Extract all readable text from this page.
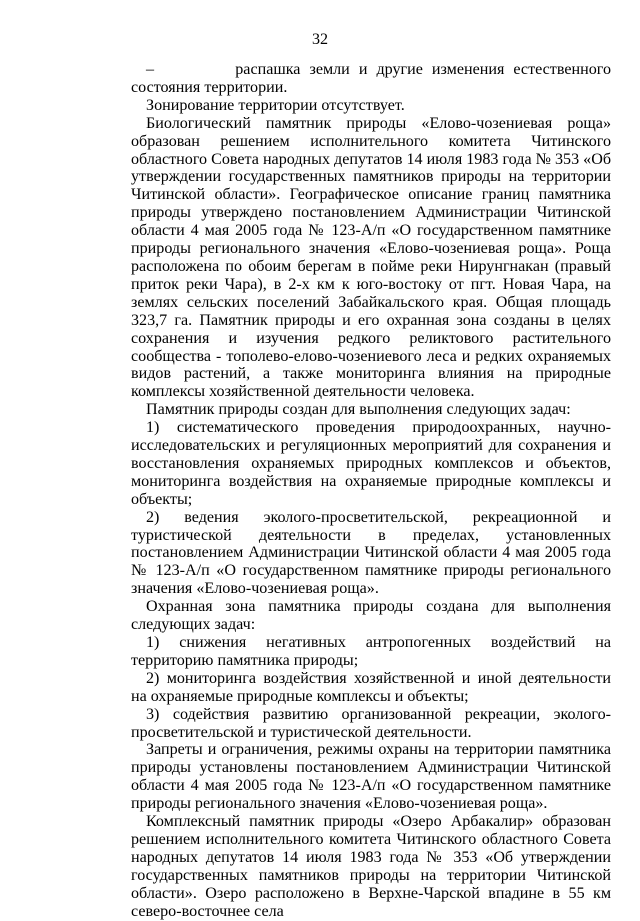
32

–         распашка земли и другие изменения естественного состояния территории.

Зонирование территории отсутствует.

Биологический памятник природы «Елово-чозениевая роща» образован решением исполнительного комитета Читинского областного Совета народных депутатов 14 июля 1983 года № 353 «Об утверждении государственных памятников природы на территории Читинской области». Географическое описание границ памятника природы утверждено постановлением Администрации Читинской области 4 мая 2005 года № 123-А/п «О государственном памятнике природы регионального значения «Елово-чозениевая роща». Роща расположена по обоим берегам в пойме реки Нирунгнакан (правый приток реки Чара), в 2-х км к юго-востоку от пгт. Новая Чара, на землях сельских поселений Забайкальского края. Общая площадь 323,7 га. Памятник природы и его охранная зона созданы в целях сохранения и изучения редкого реликтового растительного сообщества - тополево-елово-чозениевого леса и редких охраняемых видов растений, а также мониторинга влияния на природные комплексы хозяйственной деятельности человека.

Памятник природы создан для выполнения следующих задач:

1) систематического проведения природоохранных, научно-исследовательских и регуляционных мероприятий для сохранения и восстановления охраняемых природных комплексов и объектов, мониторинга воздействия на охраняемые природные комплексы и объекты;

2) ведения эколого-просветительской, рекреационной и туристической деятельности в пределах, установленных постановлением Администрации Читинской области 4 мая 2005 года № 123-А/п «О государственном памятнике природы регионального значения «Елово-чозениевая роща».

Охранная зона памятника природы создана для выполнения следующих задач:

1) снижения негативных антропогенных воздействий на территорию памятника природы;

2) мониторинга воздействия хозяйственной и иной деятельности на охраняемые природные комплексы и объекты;

3) содействия развитию организованной рекреации, эколого-просветительской и туристической деятельности.

Запреты и ограничения, режимы охраны на территории памятника природы установлены постановлением Администрации Читинской области 4 мая 2005 года № 123-А/п «О государственном памятнике природы регионального значения «Елово-чозениевая роща».

Комплексный памятник природы «Озеро Арбакалир» образован решением исполнительного комитета Читинского областного Совета народных депутатов 14 июля 1983 года № 353 «Об утверждении государственных памятников природы на территории Читинской области». Озеро расположено в Верхне-Чарской впадине в 55 км северо-восточнее села
